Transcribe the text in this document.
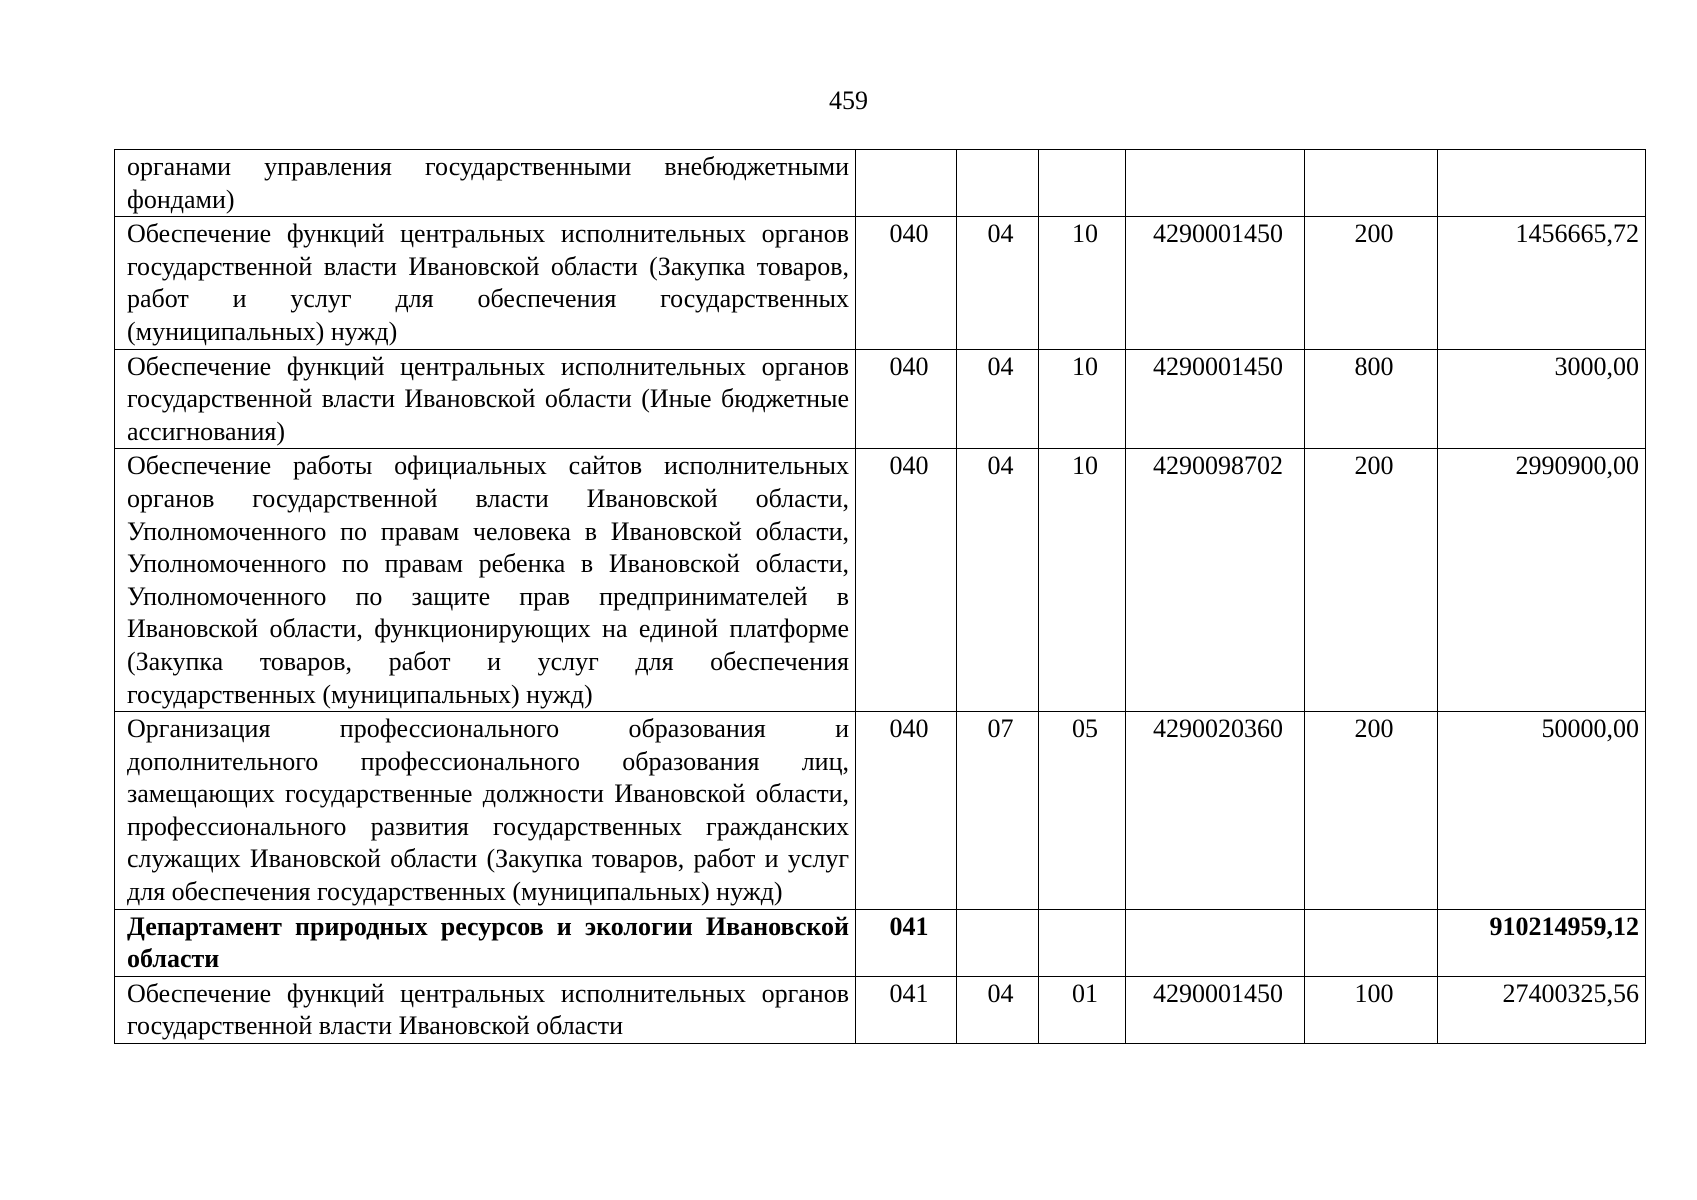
459
органами управления государственными внебюджетными фондами)						
Обеспечение функций центральных исполнительных органов государственной власти Ивановской области (Закупка товаров, работ и услуг для обеспечения государственных (муниципальных) нужд)	040	04	10	4290001450	200	1456665,72
Обеспечение функций центральных исполнительных органов государственной власти Ивановской области (Иные бюджетные ассигнования)	040	04	10	4290001450	800	3000,00
Обеспечение работы официальных сайтов исполнительных органов государственной власти Ивановской области, Уполномоченного по правам человека в Ивановской области, Уполномоченного по правам ребенка в Ивановской области, Уполномоченного по защите прав предпринимателей в Ивановской области, функционирующих на единой платформе (Закупка товаров, работ и услуг для обеспечения государственных (муниципальных) нужд)	040	04	10	4290098702	200	2990900,00
Организация профессионального образования и дополнительного профессионального образования лиц, замещающих государственные должности Ивановской области, профессионального развития государственных гражданских служащих Ивановской области (Закупка товаров, работ и услуг для обеспечения государственных (муниципальных) нужд)	040	07	05	4290020360	200	50000,00
Департамент природных ресурсов и экологии Ивановской области	041					910214959,12

Обеспечение функций центральных исполнительных органов государственной власти Ивановской области	041	04	01	4290001450	100	27400325,56
